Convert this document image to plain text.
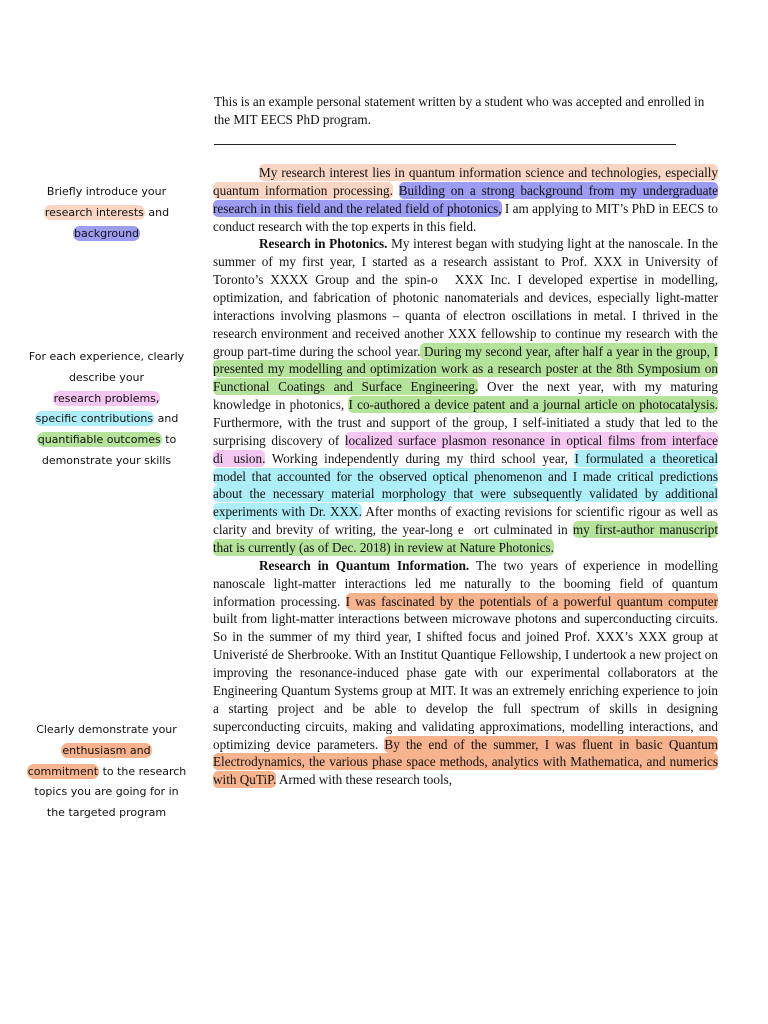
This is an example personal statement written by a student who was accepted and enrolled in the MIT EECS PhD program.
Briefly introduce your
research interests and
background
For each experience, clearly describe your
research problems,
specific contributions and
quantifiable outcomes to demonstrate your skills
Clearly demonstrate your
enthusiasm and
commitment to the research topics you are going for in the targeted program

My research interest lies in quantum information science and technologies, especially quantum information processing. Building on a strong background from my undergraduate research in this field and the related field of photonics, I am applying to MIT’s PhD in EECS to conduct research with the top experts in this field.

Research in Photonics. My interest began with studying light at the nanoscale. In the summer of my first year, I started as a research assistant to Prof. XXX in University of Toronto’s XXXX Group and the spin-o  XXX Inc. I developed expertise in modelling, optimization, and fabrication of photonic nanomaterials and devices, especially light-matter interactions involving plasmons – quanta of electron oscillations in metal. I thrived in the research environment and received another XXX fellowship to continue my research with the group part-time during the school year. During my second year, after half a year in the group, I presented my modelling and optimization work as a research poster at the 8th Symposium on Functional Coatings and Surface Engineering. Over the next year, with my maturing knowledge in photonics, I co-authored a device patent and a journal article on photocatalysis. Furthermore, with the trust and support of the group, I self-initiated a study that led to the surprising discovery of localized surface plasmon resonance in optical films from interface di usion. Working independently during my third school year, I formulated a theoretical model that accounted for the observed optical phenomenon and I made critical predictions about the necessary material morphology that were subsequently validated by additional experiments with Dr. XXX. After months of exacting revisions for scientific rigour as well as clarity and brevity of writing, the year-long e ort culminated in my first-author manuscript that is currently (as of Dec. 2018) in review at Nature Photonics.

Research in Quantum Information. The two years of experience in modelling nanoscale light-matter interactions led me naturally to the booming field of quantum information processing. I was fascinated by the potentials of a powerful quantum computer built from light-matter interactions between microwave photons and superconducting circuits. So in the summer of my third year, I shifted focus and joined Prof. XXX’s XXX group at Univeristé de Sherbrooke. With an Institut Quantique Fellowship, I undertook a new project on improving the resonance-induced phase gate with our experimental collaborators at the Engineering Quantum Systems group at MIT. It was an extremely enriching experience to join a starting project and be able to develop the full spectrum of skills in designing superconducting circuits, making and validating approximations, modelling interactions, and optimizing device parameters. By the end of the summer, I was fluent in basic Quantum Electrodynamics, the various phase space methods, analytics with Mathematica, and numerics with QuTiP. Armed with these research tools,
